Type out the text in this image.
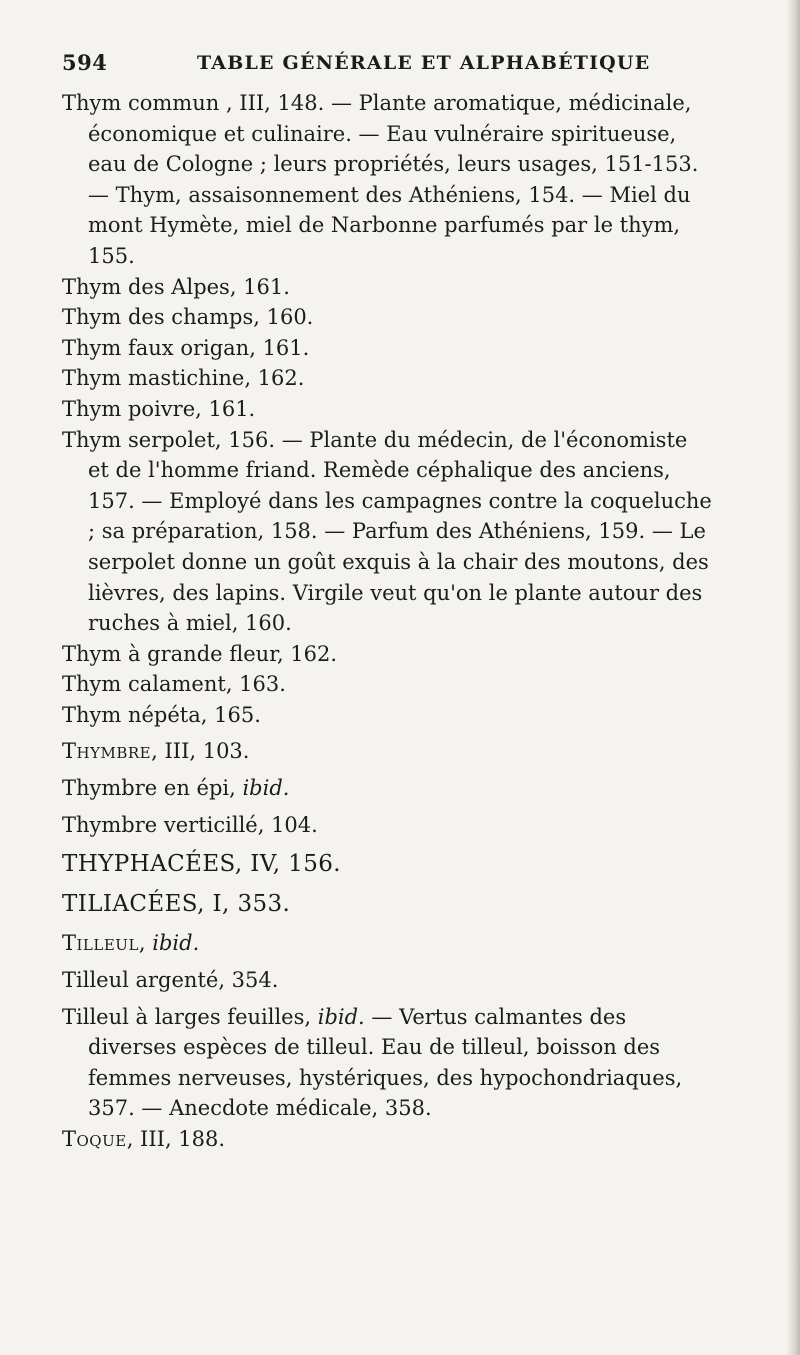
594	TABLE GÉNÉRALE ET ALPHABÉTIQUE

Thym commun , III, 148. — Plante aromatique, médicinale, économique et culinaire. — Eau vulnéraire spiritueuse, eau de Cologne ; leurs propriétés, leurs usages, 151-153. — Thym, assaisonnement des Athéniens, 154. — Miel du mont Hymète, miel de Narbonne parfumés par le thym, 155.

Thym des Alpes, 161.

Thym des champs, 160.

Thym faux origan, 161.

Thym mastichine, 162.

Thym poivre, 161.

Thym serpolet, 156. — Plante du médecin, de l'économiste et de l'homme friand. Remède céphalique des anciens, 157. — Employé dans les campagnes contre la coqueluche ; sa préparation, 158. — Parfum des Athéniens, 159. — Le serpolet donne un goût exquis à la chair des moutons, des lièvres, des lapins. Virgile veut qu'on le plante autour des ruches à miel, 160.

Thym à grande fleur, 162.

Thym calament, 163.

Thym népéta, 165.

Thymbre, III, 103.

Thymbre en épi, ibid.

Thymbre verticillé, 104.

THYPHACÉES, IV, 156.

TILIACÉES, I, 353.

Tilleul, ibid.

Tilleul argenté, 354.

Tilleul à larges feuilles, ibid. — Vertus calmantes des diverses espèces de tilleul. Eau de tilleul, boisson des femmes nerveuses, hystériques, des hypochondriaques, 357. — Anecdote médicale, 358.

Toque, III, 188.
